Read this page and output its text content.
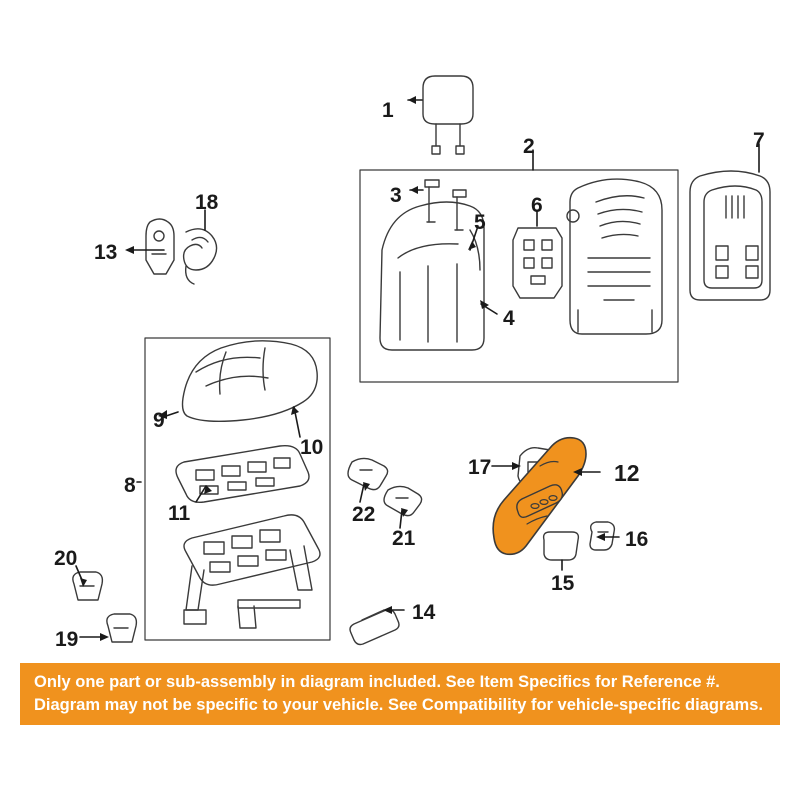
1
2
3
4
5
6
7
8
9
10
11
12
13
14
15
16
17
18
19
20
21
22
Only one part or sub-assembly in diagram included. See Item Specifics for Reference #.
Diagram may not be specific to your vehicle. See Compatibility for vehicle-specific diagrams.
